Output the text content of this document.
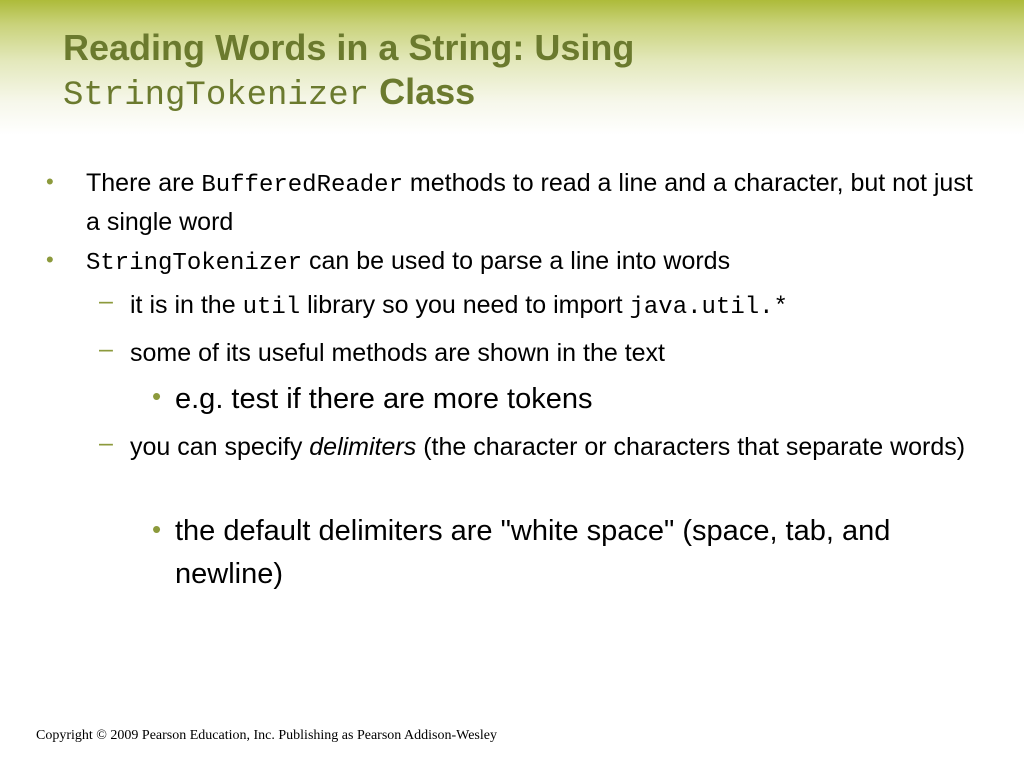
Reading Words in a String: Using
StringTokenizer Class
• There are BufferedReader methods to read a line and a character, but not just a single word

• StringTokenizer can be used to parse a line into words

– it is in the util library so you need to import java.util.*

– some of its useful methods are shown in the text

• e.g. test if there are more tokens

– you can specify delimiters (the character or characters that separate words)

• the default delimiters are "white space" (space, tab, and newline)

Copyright © 2009 Pearson Education, Inc. Publishing as Pearson Addison-Wesley
